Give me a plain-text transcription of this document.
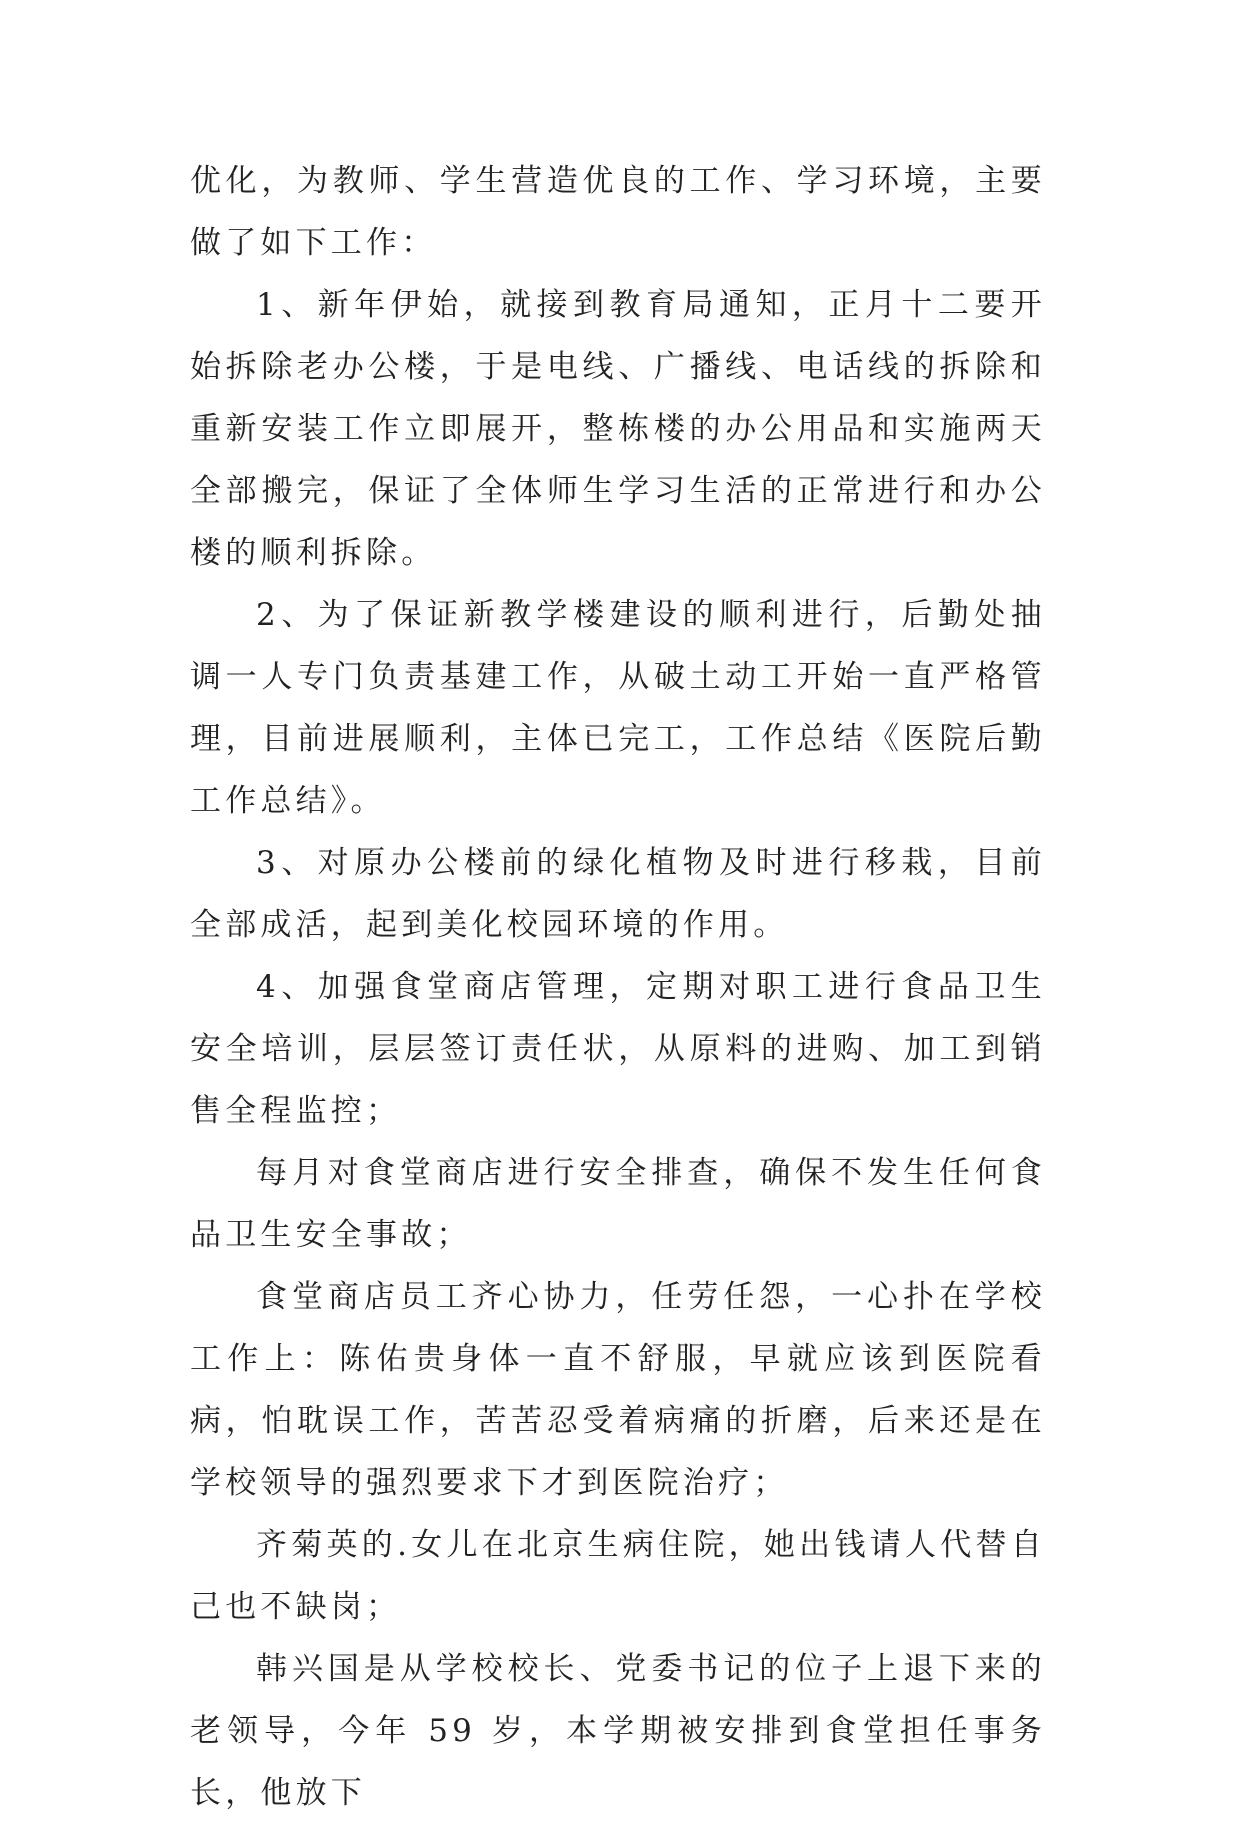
优化，为教师、学生营造优良的工作、学习环境，主要做了如下工作：

1、新年伊始，就接到教育局通知，正月十二要开始拆除老办公楼，于是电线、广播线、电话线的拆除和重新安装工作立即展开，整栋楼的办公用品和实施两天全部搬完，保证了全体师生学习生活的正常进行和办公楼的顺利拆除。

2、为了保证新教学楼建设的顺利进行，后勤处抽调一人专门负责基建工作，从破土动工开始一直严格管理，目前进展顺利，主体已完工，工作总结《医院后勤工作总结》。

3、对原办公楼前的绿化植物及时进行移栽，目前全部成活，起到美化校园环境的作用。

4、加强食堂商店管理，定期对职工进行食品卫生安全培训，层层签订责任状，从原料的进购、加工到销售全程监控；

每月对食堂商店进行安全排查，确保不发生任何食品卫生安全事故；

食堂商店员工齐心协力，任劳任怨，一心扑在学校工作上：陈佑贵身体一直不舒服，早就应该到医院看病，怕耽误工作，苦苦忍受着病痛的折磨，后来还是在学校领导的强烈要求下才到医院治疗；

齐菊英的.女儿在北京生病住院，她出钱请人代替自己也不缺岗；

韩兴国是从学校校长、党委书记的位子上退下来的老领导，今年 59 岁，本学期被安排到食堂担任事务长，他放下
